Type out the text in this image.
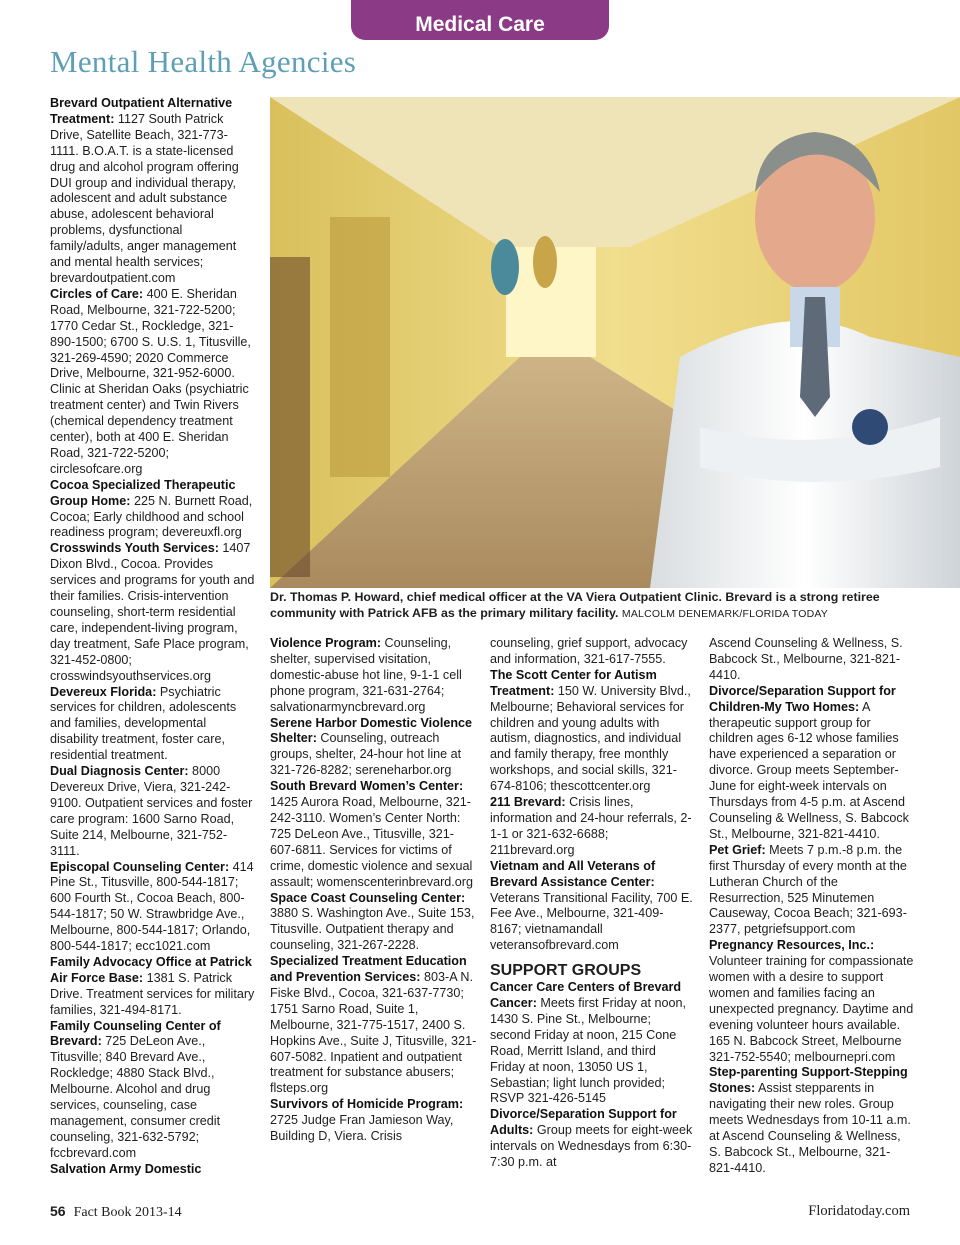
Medical Care
Mental Health Agencies

Brevard Outpatient Alternative Treatment: 1127 South Patrick Drive, Satellite Beach, 321-773-1111. B.O.A.T. is a state-licensed drug and alcohol program offering DUI group and individual therapy, adolescent and adult substance abuse, adolescent behavioral problems, dysfunctional family/adults, anger management and mental health services; brevardoutpatient.com

Circles of Care: 400 E. Sheridan Road, Melbourne, 321-722-5200; 1770 Cedar St., Rockledge, 321-890-1500; 6700 S. U.S. 1, Titusville, 321-269-4590; 2020 Commerce Drive, Melbourne, 321-952-6000. Clinic at Sheridan Oaks (psychiatric treatment center) and Twin Rivers (chemical dependency treatment center), both at 400 E. Sheridan Road, 321-722-5200; circlesofcare.org

Cocoa Specialized Therapeutic Group Home: 225 N. Burnett Road, Cocoa; Early childhood and school readiness program; devereuxfl.org

Crosswinds Youth Services: 1407 Dixon Blvd., Cocoa. Provides services and programs for youth and their families. Crisis-intervention counseling, short-term residential care, independent-living program, day treatment, Safe Place program, 321-452-0800; crosswindsyouthservices.org

Devereux Florida: Psychiatric services for children, adolescents and families, developmental disability treatment, foster care, residential treatment.

Dual Diagnosis Center: 8000 Devereux Drive, Viera, 321-242-9100. Outpatient services and foster care program: 1600 Sarno Road, Suite 214, Melbourne, 321-752-3111.

Episcopal Counseling Center: 414 Pine St., Titusville, 800-544-1817; 600 Fourth St., Cocoa Beach, 800-544-1817; 50 W. Strawbridge Ave., Melbourne, 800-544-1817; Orlando, 800-544-1817; ecc1021.com

Family Advocacy Office at Patrick Air Force Base: 1381 S. Patrick Drive. Treatment services for military families, 321-494-8171.

Family Counseling Center of Brevard: 725 DeLeon Ave., Titusville; 840 Brevard Ave., Rockledge; 4880 Stack Blvd., Melbourne. Alcohol and drug services, counseling, case management, consumer credit counseling, 321-632-5792; fccbrevard.com

Salvation Army Domestic

Dr. Thomas P. Howard, chief medical officer at the VA Viera Outpatient Clinic. Brevard is a strong retiree community with Patrick AFB as the primary military facility. MALCOLM DENEMARK/FLORIDA TODAY

Violence Program: Counseling, shelter, supervised visitation, domestic-abuse hot line, 9-1-1 cell phone program, 321-631-2764; salvationarmyncbrevard.org

Serene Harbor Domestic Violence Shelter: Counseling, outreach groups, shelter, 24-hour hot line at 321-726-8282; sereneharbor.org

South Brevard Women’s Center: 1425 Aurora Road, Melbourne, 321-242-3110. Women’s Center North: 725 DeLeon Ave., Titusville, 321-607-6811. Services for victims of crime, domestic violence and sexual assault; womenscenterinbrevard.org

Space Coast Counseling Center: 3880 S. Washington Ave., Suite 153, Titusville. Outpatient therapy and counseling, 321-267-2228.

Specialized Treatment Education and Prevention Services: 803-A N. Fiske Blvd., Cocoa, 321-637-7730; 1751 Sarno Road, Suite 1, Melbourne, 321-775-1517, 2400 S. Hopkins Ave., Suite J, Titusville, 321-607-5082. Inpatient and outpatient treatment for substance abusers; flsteps.org

Survivors of Homicide Program: 2725 Judge Fran Jamieson Way, Building D, Viera. Crisis

counseling, grief support, advocacy and information, 321-617-7555.

The Scott Center for Autism Treatment: 150 W. University Blvd., Melbourne; Behavioral services for children and young adults with autism, diagnostics, and individual and family therapy, free monthly workshops, and social skills, 321-674-8106; thescottcenter.org

211 Brevard: Crisis lines, information and 24-hour referrals, 2-1-1 or 321-632-6688; 211brevard.org

Vietnam and All Veterans of Brevard Assistance Center: Veterans Transitional Facility, 700 E. Fee Ave., Melbourne, 321-409-8167; vietnamandall veteransofbrevard.com

SUPPORT GROUPS

Cancer Care Centers of Brevard Cancer: Meets first Friday at noon, 1430 S. Pine St., Melbourne; second Friday at noon, 215 Cone Road, Merritt Island, and third Friday at noon, 13050 US 1, Sebastian; light lunch provided; RSVP 321-426-5145

Divorce/Separation Support for Adults: Group meets for eight-week intervals on Wednesdays from 6:30-7:30 p.m. at

Ascend Counseling & Wellness, S. Babcock St., Melbourne, 321-821-4410.

Divorce/Separation Support for Children-My Two Homes: A therapeutic support group for children ages 6-12 whose families have experienced a separation or divorce. Group meets September-June for eight-week intervals on Thursdays from 4-5 p.m. at Ascend Counseling & Wellness, S. Babcock St., Melbourne, 321-821-4410.

Pet Grief: Meets 7 p.m.-8 p.m. the first Thursday of every month at the Lutheran Church of the Resurrection, 525 Minutemen Causeway, Cocoa Beach; 321-693-2377, petgriefsupport.com

Pregnancy Resources, Inc.: Volunteer training for compassionate women with a desire to support women and families facing an unexpected pregnancy. Daytime and evening volunteer hours available. 165 N. Babcock Street, Melbourne 321-752-5540; melbournepri.com

Step-parenting Support-Stepping Stones: Assist stepparents in navigating their new roles. Group meets Wednesdays from 10-11 a.m. at Ascend Counseling & Wellness, S. Babcock St., Melbourne, 321-821-4410.

56 Fact Book 2013-14	Floridatoday.com
